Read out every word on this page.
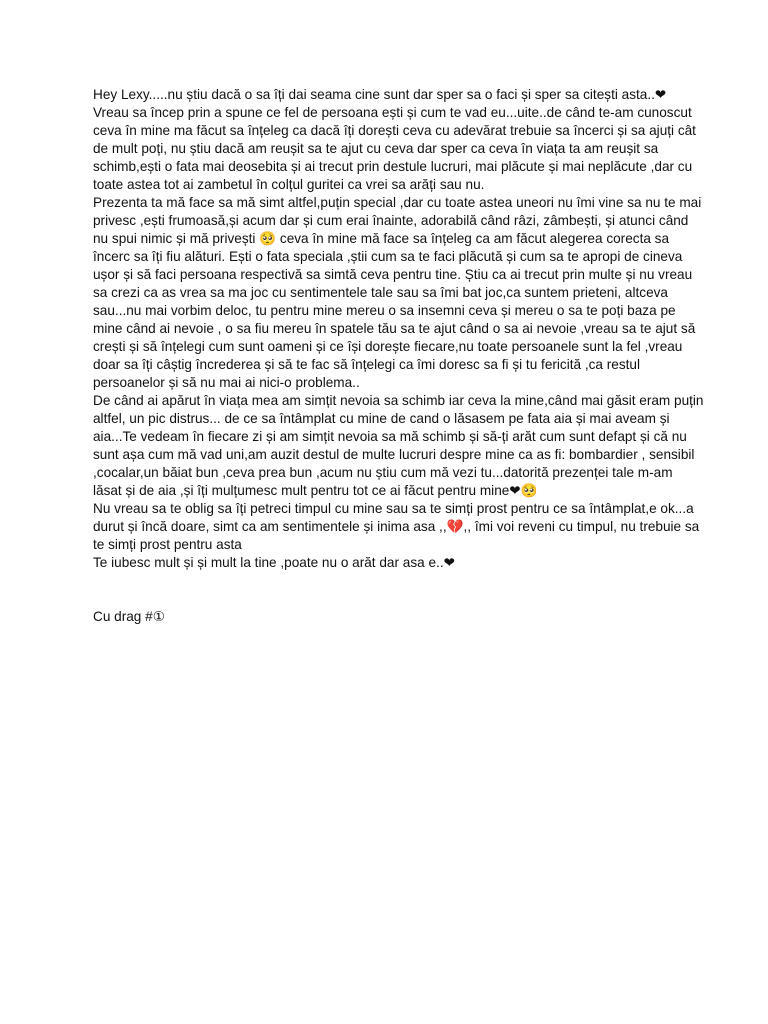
Hey Lexy.....nu știu dacă o sa îți dai seama cine sunt dar sper sa o faci și sper sa citești asta..❤

Vreau sa încep prin a spune ce fel de persoana ești și cum te vad eu...uite..de când te-am cunoscut ceva în mine ma făcut sa înțeleg ca dacă îți dorești ceva cu adevărat trebuie sa încerci și sa ajuți cât de mult poți, nu știu dacă am reușit sa te ajut cu ceva dar sper ca ceva în viața ta am reușit sa schimb,ești o fata mai deosebita și ai trecut prin destule lucruri, mai plăcute și mai neplăcute ,dar cu toate astea tot ai zambetul în colțul guritei ca vrei sa arăți sau nu.

Prezenta ta mă face sa mă simt altfel,puțin special ,dar cu toate astea uneori nu îmi vine sa nu te mai privesc ,ești frumoasă,și acum dar și cum erai înainte, adorabilă când râzi, zâmbești, și atunci când nu spui nimic și mă privești 🥺 ceva în mine mă face sa înțeleg ca am făcut alegerea corecta sa încerc sa îți fiu alături. Ești o fata speciala ,știi cum sa te faci plăcută și cum sa te apropi de cineva ușor și să faci persoana respectivă sa simtă ceva pentru tine. Știu ca ai trecut prin multe și nu vreau sa crezi ca as vrea sa ma joc cu sentimentele tale sau sa îmi bat joc,ca suntem prieteni, altceva sau...nu mai vorbim deloc, tu pentru mine mereu o sa insemni ceva și mereu o sa te poți baza pe mine când ai nevoie , o sa fiu mereu în spatele tău sa te ajut când o sa ai nevoie ,vreau sa te ajut să crești și să înțelegi cum sunt oameni și ce își dorește fiecare,nu toate persoanele sunt la fel ,vreau doar sa îți câștig încrederea și să te fac să înțelegi ca îmi doresc sa fi și tu fericită ,ca restul persoanelor și să nu mai ai nici-o problema..

De când ai apărut în viața mea am simțit nevoia sa schimb iar ceva la mine,când mai găsit eram puțin altfel, un pic distrus... de ce sa întâmplat cu mine de cand o lăsasem pe fata aia și mai aveam și aia...Te vedeam în fiecare zi și am simțit nevoia sa mă schimb și să-ți arăt cum sunt defapt și că nu sunt așa cum mă vad uni,am auzit destul de multe lucruri despre mine ca as fi: bombardier , sensibil ,cocalar,un băiat bun ,ceva prea bun ,acum nu știu cum mă vezi tu...datorită prezenței tale m-am lăsat și de aia ,și îți mulțumesc mult pentru tot ce ai făcut pentru mine❤🥺

Nu vreau sa te oblig sa îți petreci timpul cu mine sau sa te simți prost pentru ce sa întâmplat,e ok...a durut și încă doare, simt ca am sentimentele și inima asa ,,💔,, îmi voi reveni cu timpul, nu trebuie sa te simți prost pentru asta

Te iubesc mult și și mult la tine ,poate nu o arăt dar asa e..❤

Cu drag #①
